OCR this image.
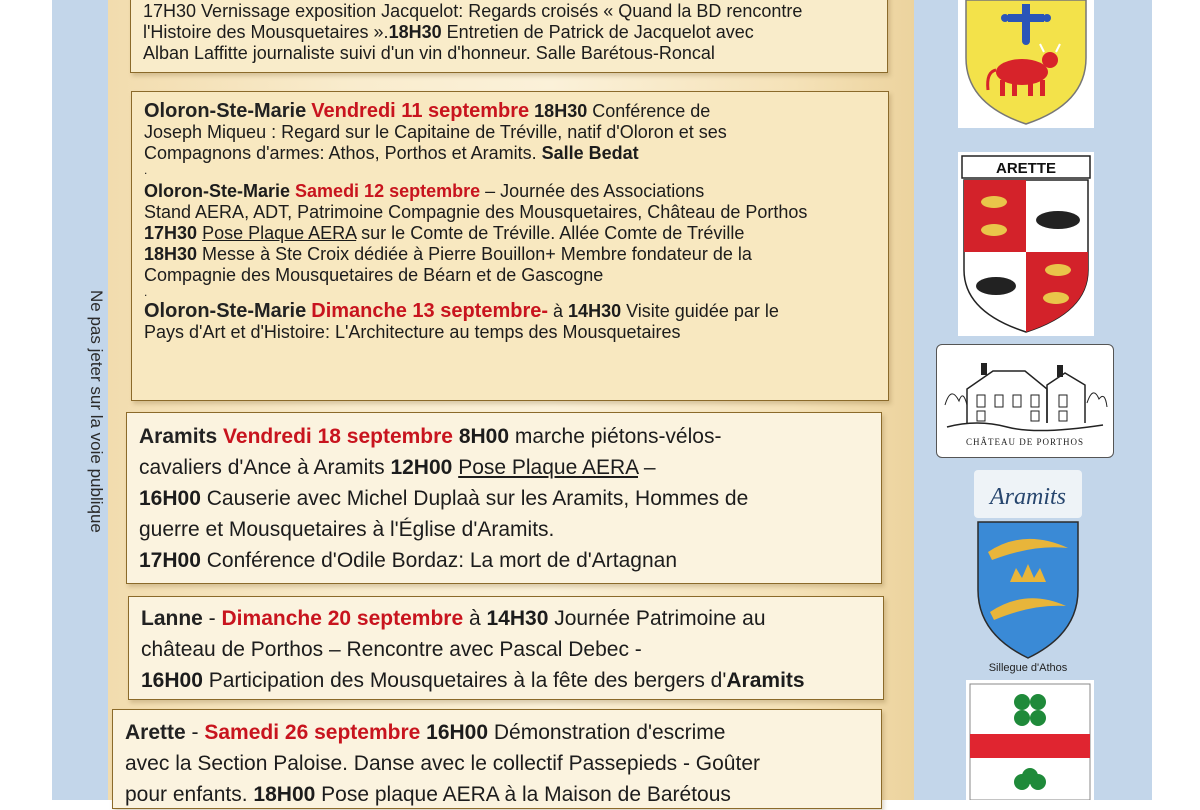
Ne pas jeter sur la voie publique
17H30 Vernissage exposition Jacquelot: Regards croisés « Quand la BD rencontre
l'Histoire des Mousquetaires ».18H30 Entretien de Patrick de Jacquelot avec
Alban Laffitte journaliste suivi d'un vin d'honneur. Salle Barétous-Roncal
Oloron-Ste-Marie Vendredi 11 septembre 18H30 Conférence de
Joseph Miqueu : Regard sur le Capitaine de Tréville, natif d'Oloron et ses
Compagnons d'armes: Athos, Porthos et Aramits. Salle Bedat
.
Oloron-Ste-Marie Samedi 12 septembre – Journée des Associations
Stand AERA, ADT, Patrimoine Compagnie des Mousquetaires, Château de Porthos
17H30 Pose Plaque AERA sur le Comte de Tréville. Allée Comte de Tréville
18H30 Messe à Ste Croix dédiée à Pierre Bouillon+ Membre fondateur de la
Compagnie des Mousquetaires de Béarn et de Gascogne
.
Oloron-Ste-Marie Dimanche 13 septembre- à 14H30 Visite guidée par le
Pays d'Art et d'Histoire: L'Architecture au temps des Mousquetaires
Aramits Vendredi 18 septembre 8H00 marche piétons-vélos-
cavaliers d'Ance à Aramits 12H00 Pose Plaque AERA –
16H00 Causerie avec Michel Duplaà sur les Aramits, Hommes de
guerre et Mousquetaires à l'Église d'Aramits.
17H00 Conférence d'Odile Bordaz: La mort de d'Artagnan
Lanne - Dimanche 20 septembre à 14H30 Journée Patrimoine au
château de Porthos – Rencontre avec Pascal Debec -
16H00 Participation des Mousquetaires à la fête des bergers d'Aramits
Arette - Samedi 26 septembre 16H00 Démonstration d'escrime
avec la Section Paloise. Danse avec le collectif Passepieds - Goûter
pour enfants. 18H00 Pose plaque AERA à la Maison de Barétous
ARETTE
CHÂTEAU DE PORTHOS
Aramits
Sillegue d'Athos
